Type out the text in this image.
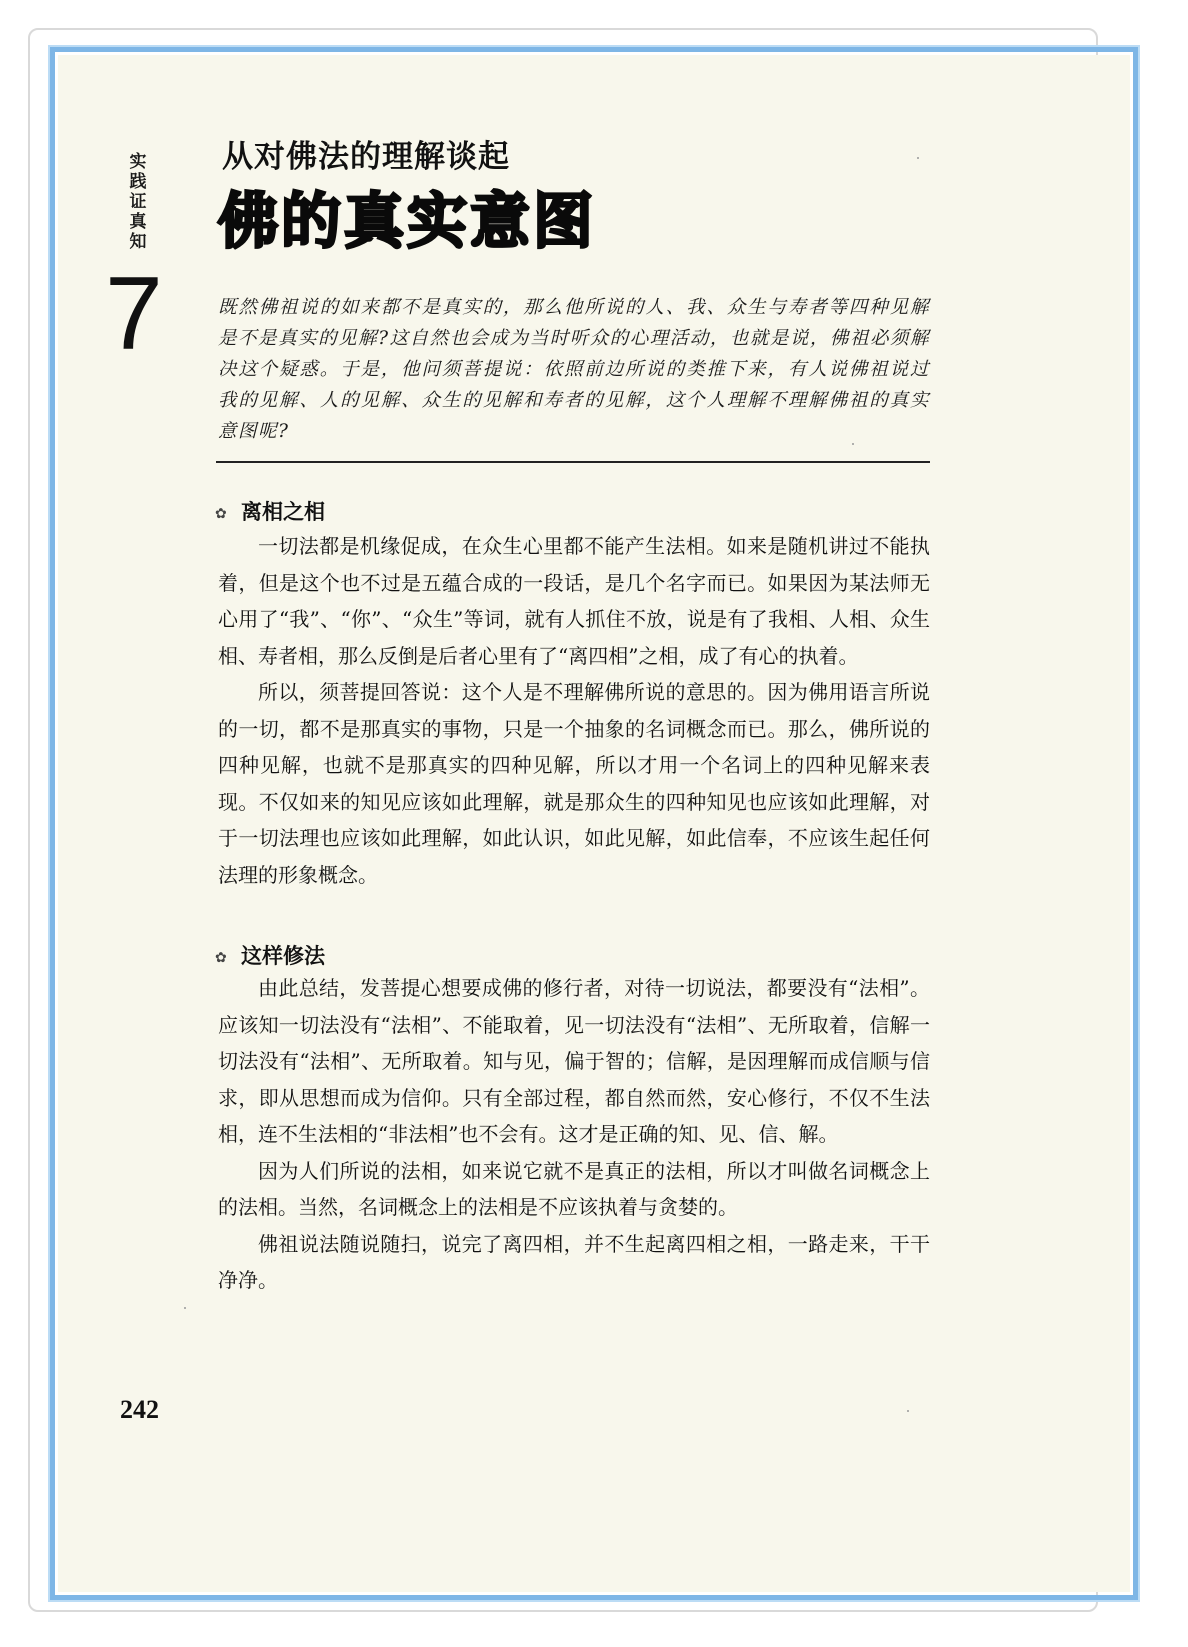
实践证真知
7
从对佛法的理解谈起
佛的真实意图

既然佛祖说的如来都不是真实的，那么他所说的人、我、众生与寿者等四种见解是不是真实的见解?这自然也会成为当时听众的心理活动，也就是说，佛祖必须解决这个疑惑。于是，他问须菩提说：依照前边所说的类推下来，有人说佛祖说过我的见解、人的见解、众生的见解和寿者的见解，这个人理解不理解佛祖的真实意图呢?

✿ 离相之相

一切法都是机缘促成，在众生心里都不能产生法相。如来是随机讲过不能执着，但是这个也不过是五蕴合成的一段话，是几个名字而已。如果因为某法师无心用了“我”、“你”、“众生”等词，就有人抓住不放，说是有了我相、人相、众生相、寿者相，那么反倒是后者心里有了“离四相”之相，成了有心的执着。

所以，须菩提回答说：这个人是不理解佛所说的意思的。因为佛用语言所说的一切，都不是那真实的事物，只是一个抽象的名词概念而已。那么，佛所说的四种见解，也就不是那真实的四种见解，所以才用一个名词上的四种见解来表现。不仅如来的知见应该如此理解，就是那众生的四种知见也应该如此理解，对于一切法理也应该如此理解，如此认识，如此见解，如此信奉，不应该生起任何法理的形象概念。

✿ 这样修法

由此总结，发菩提心想要成佛的修行者，对待一切说法，都要没有“法相”。应该知一切法没有“法相”、不能取着，见一切法没有“法相”、无所取着，信解一切法没有“法相”、无所取着。知与见，偏于智的；信解，是因理解而成信顺与信求，即从思想而成为信仰。只有全部过程，都自然而然，安心修行，不仅不生法相，连不生法相的“非法相”也不会有。这才是正确的知、见、信、解。

因为人们所说的法相，如来说它就不是真正的法相，所以才叫做名词概念上的法相。当然，名词概念上的法相是不应该执着与贪婪的。

佛祖说法随说随扫，说完了离四相，并不生起离四相之相，一路走来，干干净净。

242
